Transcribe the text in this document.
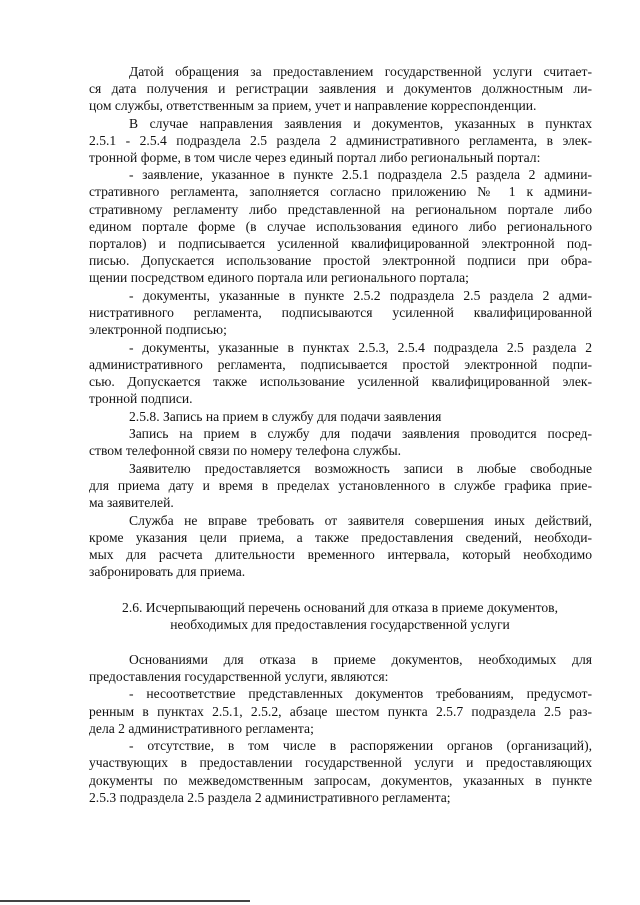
Датой обращения за предоставлением государственной услуги считает-
ся дата получения и регистрации заявления и документов должностным ли-
цом службы, ответственным за прием, учет и направление корреспонденции.
В случае направления заявления и документов, указанных в пунктах
2.5.1 - 2.5.4 подраздела 2.5 раздела 2 административного регламента, в элек-
тронной форме, в том числе через единый портал либо региональный портал:
- заявление, указанное в пункте 2.5.1 подраздела 2.5 раздела 2 админи-
стративного регламента, заполняется согласно приложению № 1 к админи-
стративному регламенту либо представленной на региональном портале либо
едином портале форме (в случае использования единого либо регионального
порталов) и подписывается усиленной квалифицированной электронной под-
писью. Допускается использование простой электронной подписи при обра-
щении посредством единого портала или регионального портала;
- документы, указанные в пункте 2.5.2 подраздела 2.5 раздела 2 адми-
нистративного регламента, подписываются усиленной квалифицированной
электронной подписью;
- документы, указанные в пунктах 2.5.3, 2.5.4 подраздела 2.5 раздела 2
административного регламента, подписывается простой электронной подпи-
сью. Допускается также использование усиленной квалифицированной элек-
тронной подписи.
2.5.8. Запись на прием в службу для подачи заявления
Запись на прием в службу для подачи заявления проводится посред-
ством телефонной связи по номеру телефона службы.
Заявителю предоставляется возможность записи в любые свободные
для приема дату и время в пределах установленного в службе графика прие-
ма заявителей.
Служба не вправе требовать от заявителя совершения иных действий,
кроме указания цели приема, а также предоставления сведений, необходи-
мых для расчета длительности временного интервала, который необходимо
забронировать для приема.
2.6. Исчерпывающий перечень оснований для отказа в приеме документов,
необходимых для предоставления государственной услуги
Основаниями для отказа в приеме документов, необходимых для
предоставления государственной услуги, являются:
- несоответствие представленных документов требованиям, предусмот-
ренным в пунктах 2.5.1, 2.5.2, абзаце шестом пункта 2.5.7 подраздела 2.5 раз-
дела 2 административного регламента;
- отсутствие, в том числе в распоряжении органов (организаций),
участвующих в предоставлении государственной услуги и предоставляющих
документы по межведомственным запросам, документов, указанных в пункте
2.5.3 подраздела 2.5 раздела 2 административного регламента;
